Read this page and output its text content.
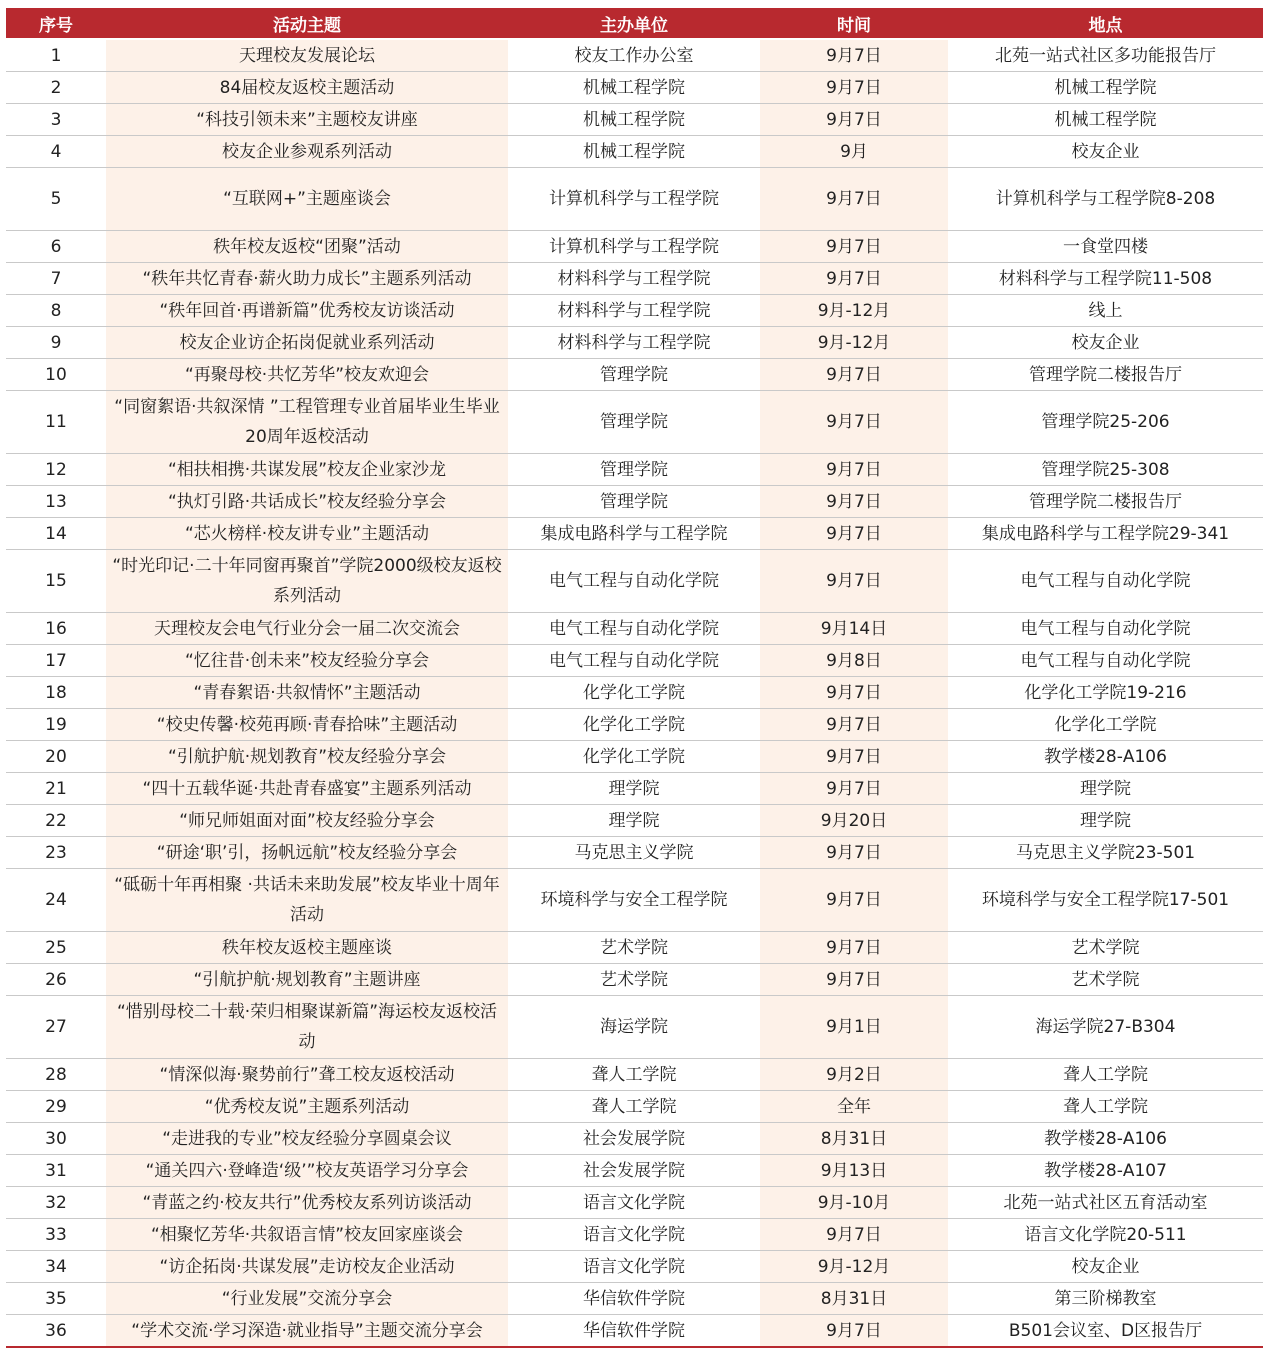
序号	活动主题	主办单位	时间	地点
1	天理校友发展论坛	校友工作办公室	9月7日	北苑一站式社区多功能报告厅
2	84届校友返校主题活动	机械工程学院	9月7日	机械工程学院
3	“科技引领未来”主题校友讲座	机械工程学院	9月7日	机械工程学院
4	校友企业参观系列活动	机械工程学院	9月	校友企业
5	“互联网+”主题座谈会	计算机科学与工程学院	9月7日	计算机科学与工程学院8-208
6	秩年校友返校“团聚”活动	计算机科学与工程学院	9月7日	一食堂四楼
7	“秩年共忆青春·薪火助力成长”主题系列活动	材料科学与工程学院	9月7日	材料科学与工程学院11-508
8	“秩年回首·再谱新篇”优秀校友访谈活动	材料科学与工程学院	9月-12月	线上
9	校友企业访企拓岗促就业系列活动	材料科学与工程学院	9月-12月	校友企业
10	“再聚母校·共忆芳华”校友欢迎会	管理学院	9月7日	管理学院二楼报告厅
11	“同窗絮语·共叙深情 ”工程管理专业首届毕业生毕业20周年返校活动	管理学院	9月7日	管理学院25-206
12	“相扶相携·共谋发展”校友企业家沙龙	管理学院	9月7日	管理学院25-308
13	“执灯引路·共话成长”校友经验分享会	管理学院	9月7日	管理学院二楼报告厅
14	“芯火榜样·校友讲专业”主题活动	集成电路科学与工程学院	9月7日	集成电路科学与工程学院29-341
15	“时光印记·二十年同窗再聚首”学院2000级校友返校系列活动	电气工程与自动化学院	9月7日	电气工程与自动化学院
16	天理校友会电气行业分会一届二次交流会	电气工程与自动化学院	9月14日	电气工程与自动化学院
17	“忆往昔·创未来”校友经验分享会	电气工程与自动化学院	9月8日	电气工程与自动化学院
18	“青春絮语·共叙情怀”主题活动	化学化工学院	9月7日	化学化工学院19-216
19	“校史传馨·校苑再顾·青春拾味”主题活动	化学化工学院	9月7日	化学化工学院
20	“引航护航·规划教育”校友经验分享会	化学化工学院	9月7日	教学楼28-A106
21	“四十五载华诞·共赴青春盛宴”主题系列活动	理学院	9月7日	理学院
22	“师兄师姐面对面”校友经验分享会	理学院	9月20日	理学院
23	“研途‘职’引，扬帆远航”校友经验分享会	马克思主义学院	9月7日	马克思主义学院23-501
24	“砥砺十年再相聚 ·共话未来助发展”校友毕业十周年活动	环境科学与安全工程学院	9月7日	环境科学与安全工程学院17-501
25	秩年校友返校主题座谈	艺术学院	9月7日	艺术学院
26	“引航护航·规划教育”主题讲座	艺术学院	9月7日	艺术学院
27	“惜别母校二十载·荣归相聚谋新篇”海运校友返校活动	海运学院	9月1日	海运学院27-B304
28	“情深似海·聚势前行”聋工校友返校活动	聋人工学院	9月2日	聋人工学院
29	“优秀校友说”主题系列活动	聋人工学院	全年	聋人工学院
30	“走进我的专业”校友经验分享圆桌会议	社会发展学院	8月31日	教学楼28-A106
31	“通关四六·登峰造‘级’”校友英语学习分享会	社会发展学院	9月13日	教学楼28-A107
32	“青蓝之约·校友共行”优秀校友系列访谈活动	语言文化学院	9月-10月	北苑一站式社区五育活动室
33	“相聚忆芳华·共叙语言情”校友回家座谈会	语言文化学院	9月7日	语言文化学院20-511
34	“访企拓岗·共谋发展”走访校友企业活动	语言文化学院	9月-12月	校友企业
35	“行业发展”交流分享会	华信软件学院	8月31日	第三阶梯教室
36	“学术交流·学习深造·就业指导”主题交流分享会	华信软件学院	9月7日	B501会议室、D区报告厅
